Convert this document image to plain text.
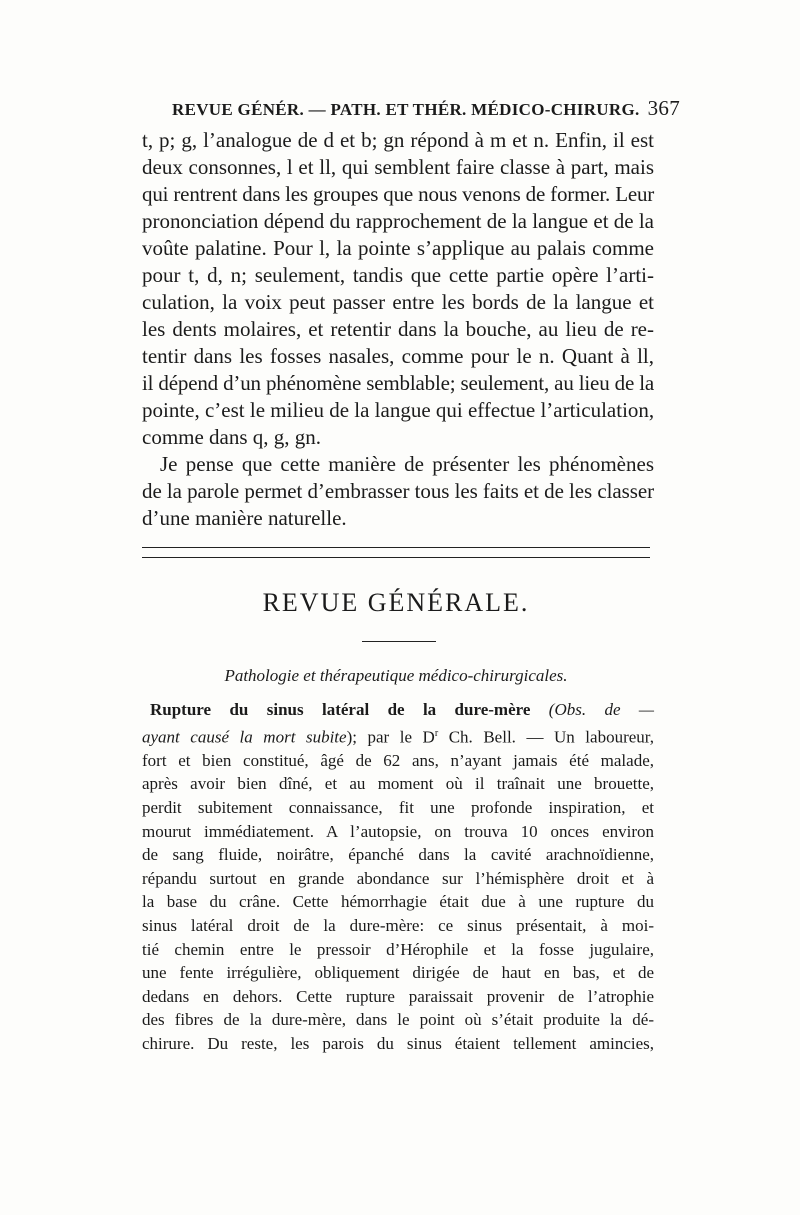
REVUE GÉNÉR. — PATH. ET THÉR. MÉDICO-CHIRURG. 367
t, p; g, l’analogue de d et b; gn répond à m et n. Enfin, il est
deux consonnes, l et ll, qui semblent faire classe à part, mais
qui rentrent dans les groupes que nous venons de former. Leur
prononciation dépend du rapprochement de la langue et de la
voûte palatine. Pour l, la pointe s’applique au palais comme
pour t, d, n; seulement, tandis que cette partie opère l’arti-
culation, la voix peut passer entre les bords de la langue et
les dents molaires, et retentir dans la bouche, au lieu de re-
tentir dans les fosses nasales, comme pour le n. Quant à ll,
il dépend d’un phénomène semblable; seulement, au lieu de la
pointe, c’est le milieu de la langue qui effectue l’articulation,
comme dans q, g, gn.
Je pense que cette manière de présenter les phénomènes
de la parole permet d’embrasser tous les faits et de les classer
d’une manière naturelle.
REVUE GÉNÉRALE.
Pathologie et thérapeutique médico-chirurgicales.
Rupture du sinus latéral de la dure-mère (Obs. de —
ayant causé la mort subite); par le $D^r$ Ch. Bell. — Un laboureur,
fort et bien constitué, âgé de 62 ans, n’ayant jamais été malade,
après avoir bien dîné, et au moment où il traînait une brouette,
perdit subitement connaissance, fit une profonde inspiration, et
mourut immédiatement. A l’autopsie, on trouva 10 onces environ
de sang fluide, noirâtre, épanché dans la cavité arachnoïdienne,
répandu surtout en grande abondance sur l’hémisphère droit et à
la base du crâne. Cette hémorrhagie était due à une rupture du
sinus latéral droit de la dure-mère: ce sinus présentait, à moi-
tié chemin entre le pressoir d’Hérophile et la fosse jugulaire,
une fente irrégulière, obliquement dirigée de haut en bas, et de
dedans en dehors. Cette rupture paraissait provenir de l’atrophie
des fibres de la dure-mère, dans le point où s’était produite la dé-
chirure. Du reste, les parois du sinus étaient tellement amincies,
